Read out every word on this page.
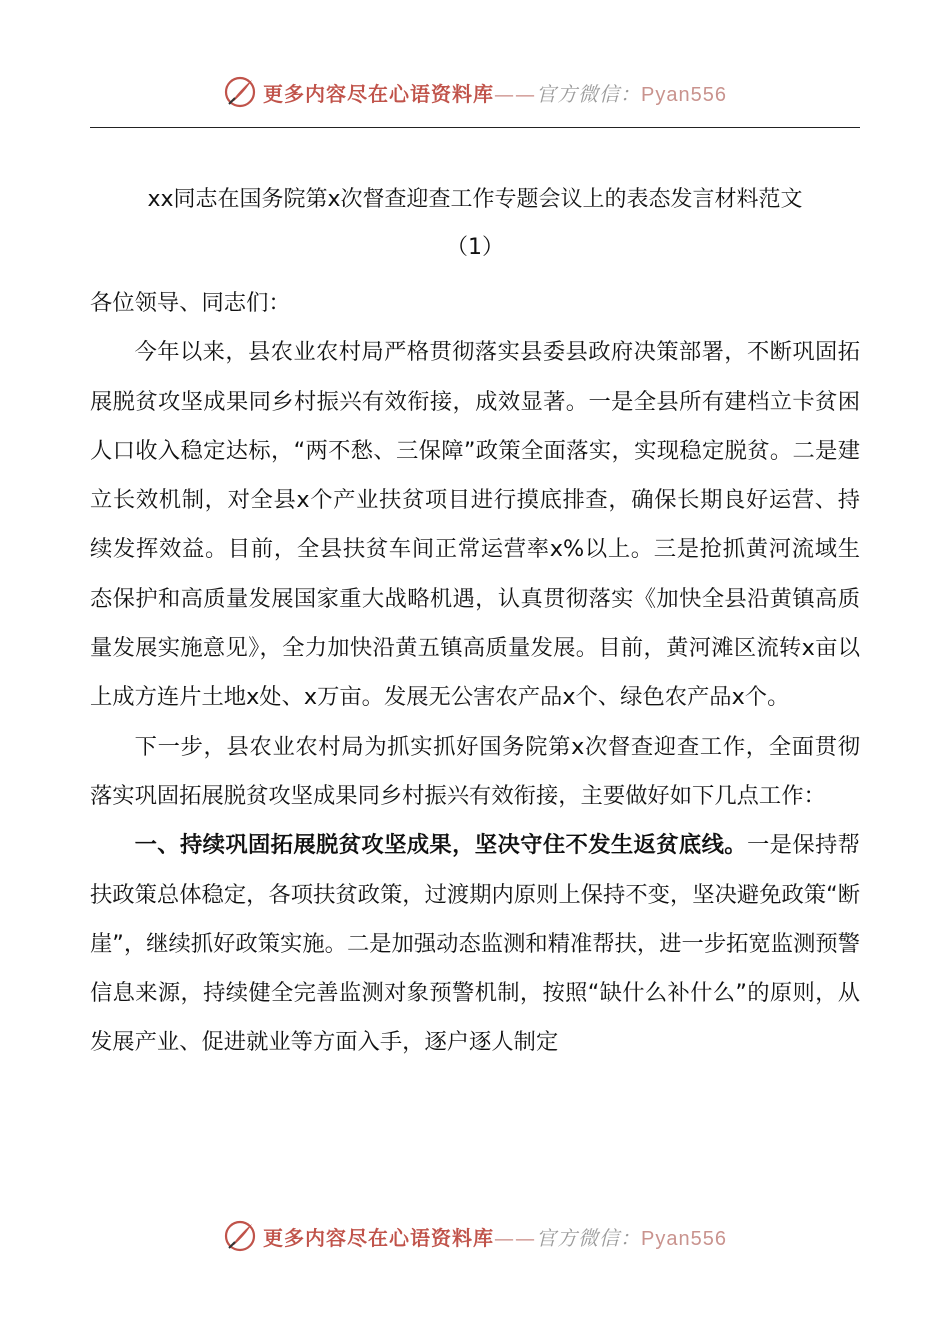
更多内容尽在心语资料库——官方微信：Pyan556
xx同志在国务院第x次督查迎查工作专题会议上的表态发言材料范文
（1）

各位领导、同志们：

今年以来，县农业农村局严格贯彻落实县委县政府决策部署，不断巩固拓展脱贫攻坚成果同乡村振兴有效衔接，成效显著。一是全县所有建档立卡贫困人口收入稳定达标，“两不愁、三保障”政策全面落实，实现稳定脱贫。二是建立长效机制，对全县x个产业扶贫项目进行摸底排查，确保长期良好运营、持续发挥效益。目前，全县扶贫车间正常运营率x%以上。三是抢抓黄河流域生态保护和高质量发展国家重大战略机遇，认真贯彻落实《加快全县沿黄镇高质量发展实施意见》，全力加快沿黄五镇高质量发展。目前，黄河滩区流转x亩以上成方连片土地x处、x万亩。发展无公害农产品x个、绿色农产品x个。

下一步，县农业农村局为抓实抓好国务院第x次督查迎查工作，全面贯彻落实巩固拓展脱贫攻坚成果同乡村振兴有效衔接，主要做好如下几点工作：

一、持续巩固拓展脱贫攻坚成果，坚决守住不发生返贫底线。一是保持帮扶政策总体稳定，各项扶贫政策，过渡期内原则上保持不变，坚决避免政策“断崖”，继续抓好政策实施。二是加强动态监测和精准帮扶，进一步拓宽监测预警信息来源，持续健全完善监测对象预警机制，按照“缺什么补什么”的原则，从发展产业、促进就业等方面入手，逐户逐人制定

更多内容尽在心语资料库——官方微信：Pyan556
